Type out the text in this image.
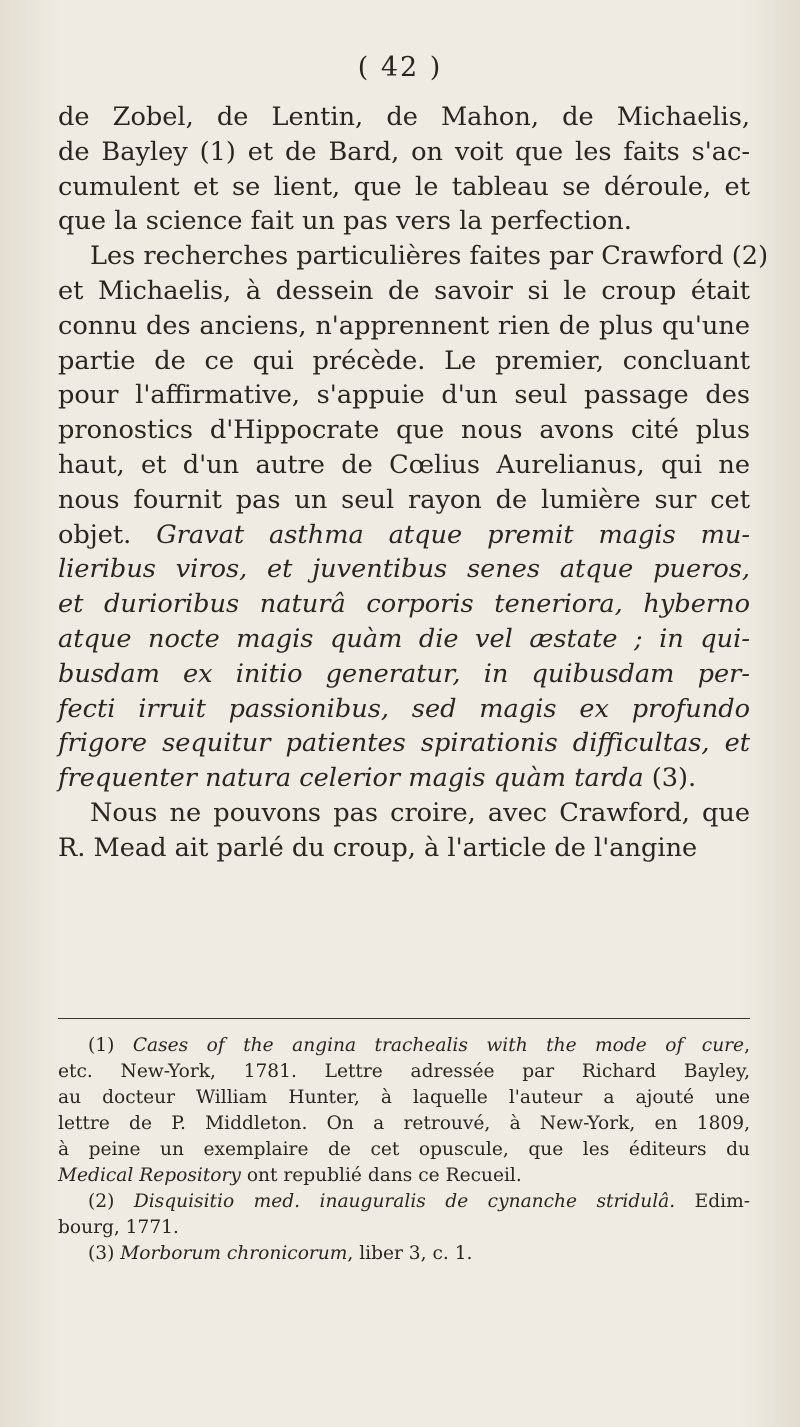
( 42 )
de Zobel, de Lentin, de Mahon, de Michaelis,
de Bayley (1) et de Bard, on voit que les faits s'ac-
cumulent et se lient, que le tableau se déroule, et
que la science fait un pas vers la perfection.
Les recherches particulières faites par Crawford (2)
et Michaelis, à dessein de savoir si le croup était
connu des anciens, n'apprennent rien de plus qu'une
partie de ce qui précède. Le premier, concluant
pour l'affirmative, s'appuie d'un seul passage des
pronostics d'Hippocrate que nous avons cité plus
haut, et d'un autre de Cœlius Aurelianus, qui ne
nous fournit pas un seul rayon de lumière sur cet
objet. Gravat asthma atque premit magis mu-
lieribus viros, et juventibus senes atque pueros,
et durioribus naturâ corporis teneriora, hyberno
atque nocte magis quàm die vel æstate ; in qui-
busdam ex initio generatur, in quibusdam per-
fecti irruit passionibus, sed magis ex profundo
frigore sequitur patientes spirationis difficultas, et
frequenter natura celerior magis quàm tarda (3).
Nous ne pouvons pas croire, avec Crawford, que
R. Mead ait parlé du croup, à l'article de l'angine
(1) Cases of the angina trachealis with the mode of cure,
etc. New-York, 1781. Lettre adressée par Richard Bayley,
au docteur William Hunter, à laquelle l'auteur a ajouté une
lettre de P. Middleton. On a retrouvé, à New-York, en 1809,
à peine un exemplaire de cet opuscule, que les éditeurs du
Medical Repository ont republié dans ce Recueil.
(2) Disquisitio med. inauguralis de cynanche stridulâ. Edim-
bourg, 1771.
(3) Morborum chronicorum, liber 3, c. 1.
